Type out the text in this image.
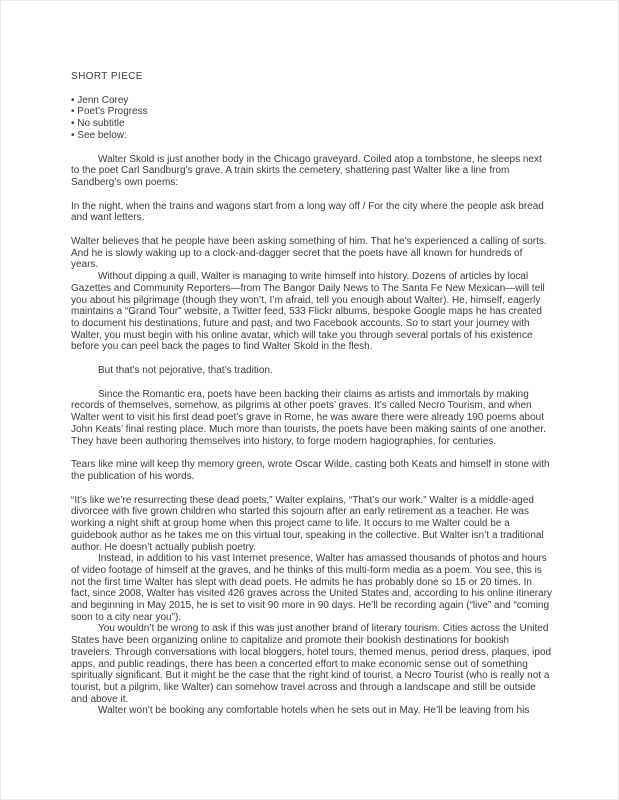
SHORT PIECE
• Jenn Corey
• Poet’s Progress
• No subtitle
• See below:

Walter Skold is just another body in the Chicago graveyard. Coiled atop a tombstone, he sleeps next to the poet Carl Sandburg’s grave. A train skirts the cemetery, shattering past Walter like a line from Sandberg’s own poems:

In the night, when the trains and wagons start from a long way off / For the city where the people ask bread and want letters.

Walter believes that he people have been asking something of him. That he’s experienced a calling of sorts. And he is slowly waking up to a clock-and-dagger secret that the poets have all known for hundreds of years.

Without dipping a quill, Walter is managing to write himself into history. Dozens of articles by local Gazettes and Community Reporters—from The Bangor Daily News to The Santa Fe New Mexican—will tell you about his pilgrimage (though they won’t, I’m afraid, tell you enough about Walter). He, himself, eagerly maintains a “Grand Tour” website, a Twitter feed, 533 Flickr albums, bespoke Google maps he has created to document his destinations, future and past, and two Facebook accounts. So to start your journey with Walter, you must begin with his online avatar, which will take you through several portals of his existence before you can peel back the pages to find Walter Skold in the flesh.

But that’s not pejorative, that’s tradition.

Since the Romantic era, poets have been backing their claims as artists and immortals by making records of themselves, somehow, as pilgrims at other poets’ graves. It’s called Necro Tourism, and when Walter went to visit his first dead poet’s grave in Rome, he was aware there were already 190 poems about John Keats’ final resting place. Much more than tourists, the poets have been making saints of one another. They have been authoring themselves into history, to forge modern hagiographies, for centuries.

Tears like mine will keep thy memory green, wrote Oscar Wilde, casting both Keats and himself in stone with the publication of his words.

“It’s like we’re resurrecting these dead poets,” Walter explains, “That’s our work.” Walter is a middle-aged divorcee with five grown children who started this sojourn after an early retirement as a teacher. He was working a night shift at group home when this project came to life. It occurs to me Walter could be a guidebook author as he takes me on this virtual tour, speaking in the collective. But Walter isn’t a traditional author. He doesn’t actually publish poetry.

Instead, in addition to his vast Internet presence, Walter has amassed thousands of photos and hours of video footage of himself at the graves, and he thinks of this multi-form media as a poem. You see, this is not the first time Walter has slept with dead poets. He admits he has probably done so 15 or 20 times. In fact, since 2008, Walter has visited 426 graves across the United States and, according to his online itinerary and beginning in May 2015, he is set to visit 90 more in 90 days. He’ll be recording again (“live” and “coming soon to a city near you”).

You wouldn’t be wrong to ask if this was just another brand of literary tourism. Cities across the United States have been organizing online to capitalize and promote their bookish destinations for bookish travelers. Through conversations with local bloggers, hotel tours, themed menus, period dress, plaques, ipod apps, and public readings, there has been a concerted effort to make economic sense out of something spiritually significant. But it might be the case that the right kind of tourist, a Necro Tourist (who is really not a tourist, but a pilgrim, like Walter) can somehow travel across and through a landscape and still be outside and above it.

Walter won’t be booking any comfortable hotels when he sets out in May. He’ll be leaving from his
